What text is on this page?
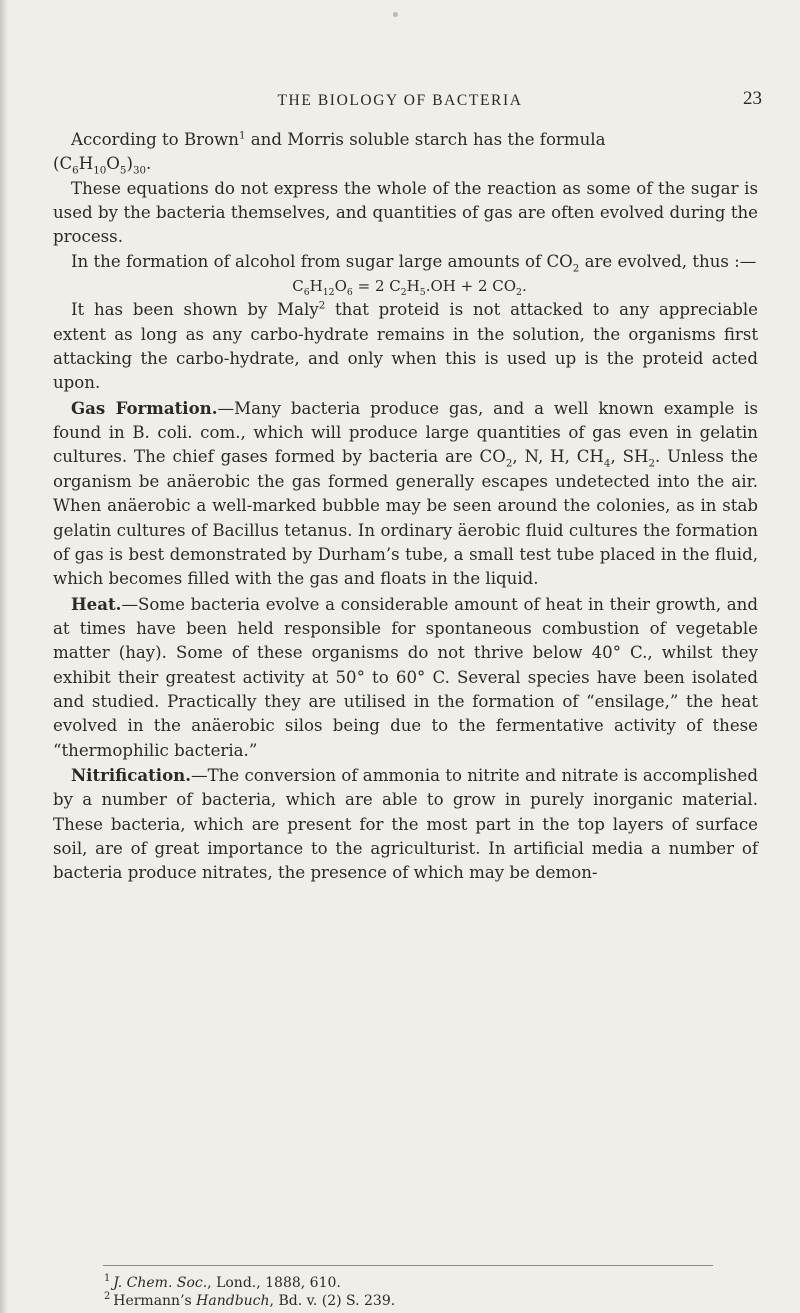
THE BIOLOGY OF BACTERIA	23

According to Brown$^1$ and Morris soluble starch has the formula

$(C_6H_{10}O_5)_{30}$.

These equations do not express the whole of the reaction as some of the sugar is used by the bacteria themselves, and quantities of gas are often evolved during the process.

In the formation of alcohol from sugar large amounts of $CO_2$ are evolved, thus :—

$C_6H_{12}O_6 = 2$ $C_2H_5.OH + 2$ $CO_2$.

It has been shown by Maly$^2$ that proteid is not attacked to any appreciable extent as long as any carbo-hydrate remains in the solution, the organisms first attacking the carbo-hydrate, and only when this is used up is the proteid acted upon.

Gas Formation.—Many bacteria produce gas, and a well known example is found in B. coli. com., which will produce large quantities of gas even in gelatin cultures. The chief gases formed by bacteria are $CO_2$, N, H, $CH_4$, $SH_2$. Unless the organism be anäerobic the gas formed generally escapes undetected into the air. When anäerobic a well-marked bubble may be seen around the colonies, as in stab gelatin cultures of Bacillus tetanus. In ordinary äerobic fluid cultures the formation of gas is best demonstrated by Durham’s tube, a small test tube placed in the fluid, which becomes filled with the gas and floats in the liquid.

Heat.—Some bacteria evolve a considerable amount of heat in their growth, and at times have been held responsible for spontaneous combustion of vegetable matter (hay). Some of these organisms do not thrive below 40° C., whilst they exhibit their greatest activity at 50° to 60° C. Several species have been isolated and studied. Practically they are utilised in the formation of “ensilage,” the heat evolved in the anäerobic silos being due to the fermentative activity of these “thermophilic bacteria.”

Nitrification.—The conversion of ammonia to nitrite and nitrate is accomplished by a number of bacteria, which are able to grow in purely inorganic material. These bacteria, which are present for the most part in the top layers of surface soil, are of great importance to the agriculturist. In artificial media a number of bacteria produce nitrates, the presence of which may be demon-

$^1$ J. Chem. Soc., Lond., 1888, 610.
$^2$ Hermann’s Handbuch, Bd. v. (2) S. 239.
